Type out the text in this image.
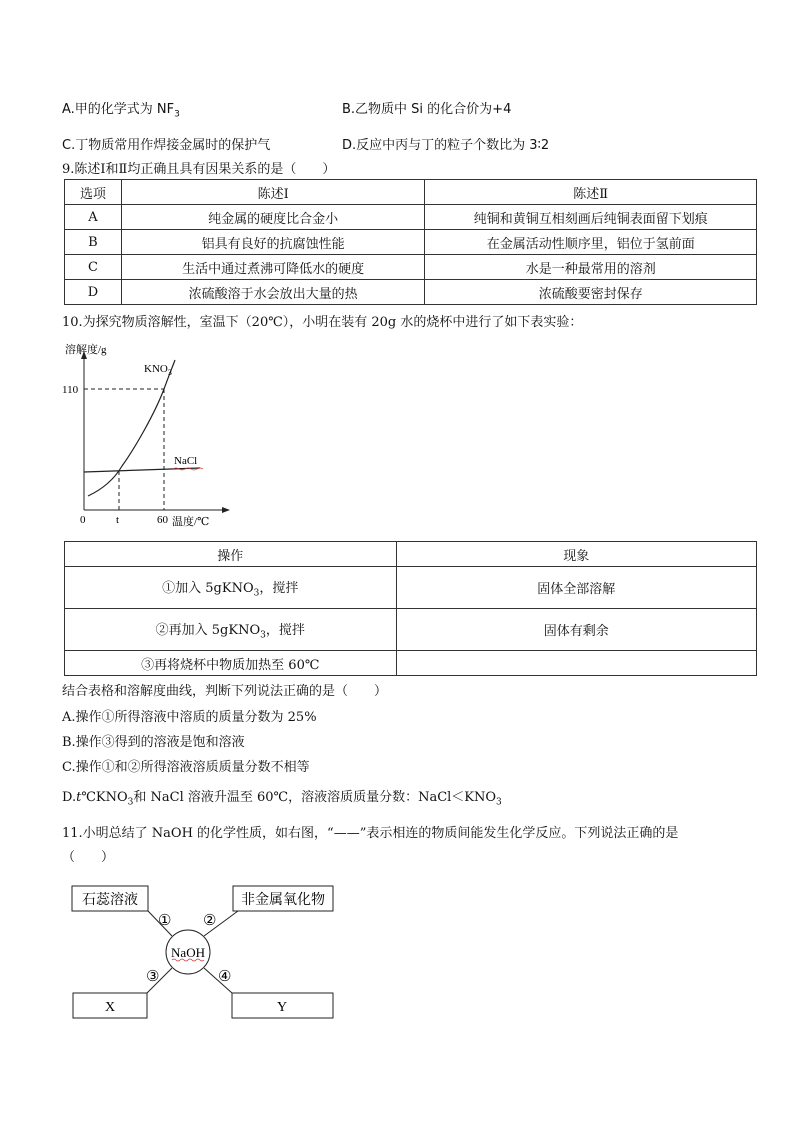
A.甲的化学式为 $NF_3$	B.乙物质中 Si 的化合价为+4
C.丁物质常用作焊接金属时的保护气	D.反应中丙与丁的粒子个数比为 3∶2
9.陈述Ⅰ和Ⅱ均正确且具有因果关系的是（　　）
选项	陈述Ⅰ	陈述Ⅱ
A	纯金属的硬度比合金小	纯铜和黄铜互相刻画后纯铜表面留下划痕
B	铝具有良好的抗腐蚀性能	在金属活动性顺序里，铝位于氢前面
C	生活中通过煮沸可降低水的硬度	水是一种最常用的溶剂
D	浓硫酸溶于水会放出大量的热	浓硫酸要密封保存
10.为探究物质溶解性，室温下（20℃），小明在装有 20g 水的烧杯中进行了如下表实验：
溶解度/g
温度/℃
0
110
t	60
$KNO_3$
NaCl
操作	现象
①加入 5gKNO$_3$，搅拌	固体全部溶解
②再加入 5gKNO$_3$，搅拌	固体有剩余
③再将烧杯中物质加热至 60℃	
结合表格和溶解度曲线，判断下列说法正确的是（　　）
A.操作①所得溶液中溶质的质量分数为 25%
B.操作③得到的溶液是饱和溶液
C.操作①和②所得溶液溶质质量分数不相等
$D.t℃KNO_3$和 NaCl 溶液升温至 60℃，溶液溶质质量分数：$NaCl<KNO_3$
11.小明总结了 NaOH 的化学性质，如右图，“——”表示相连的物质间能发生化学反应。下列说法正确的是
（　　）
石蕊溶液	非金属氧化物
X	Y
NaOH
① ②
③	④
